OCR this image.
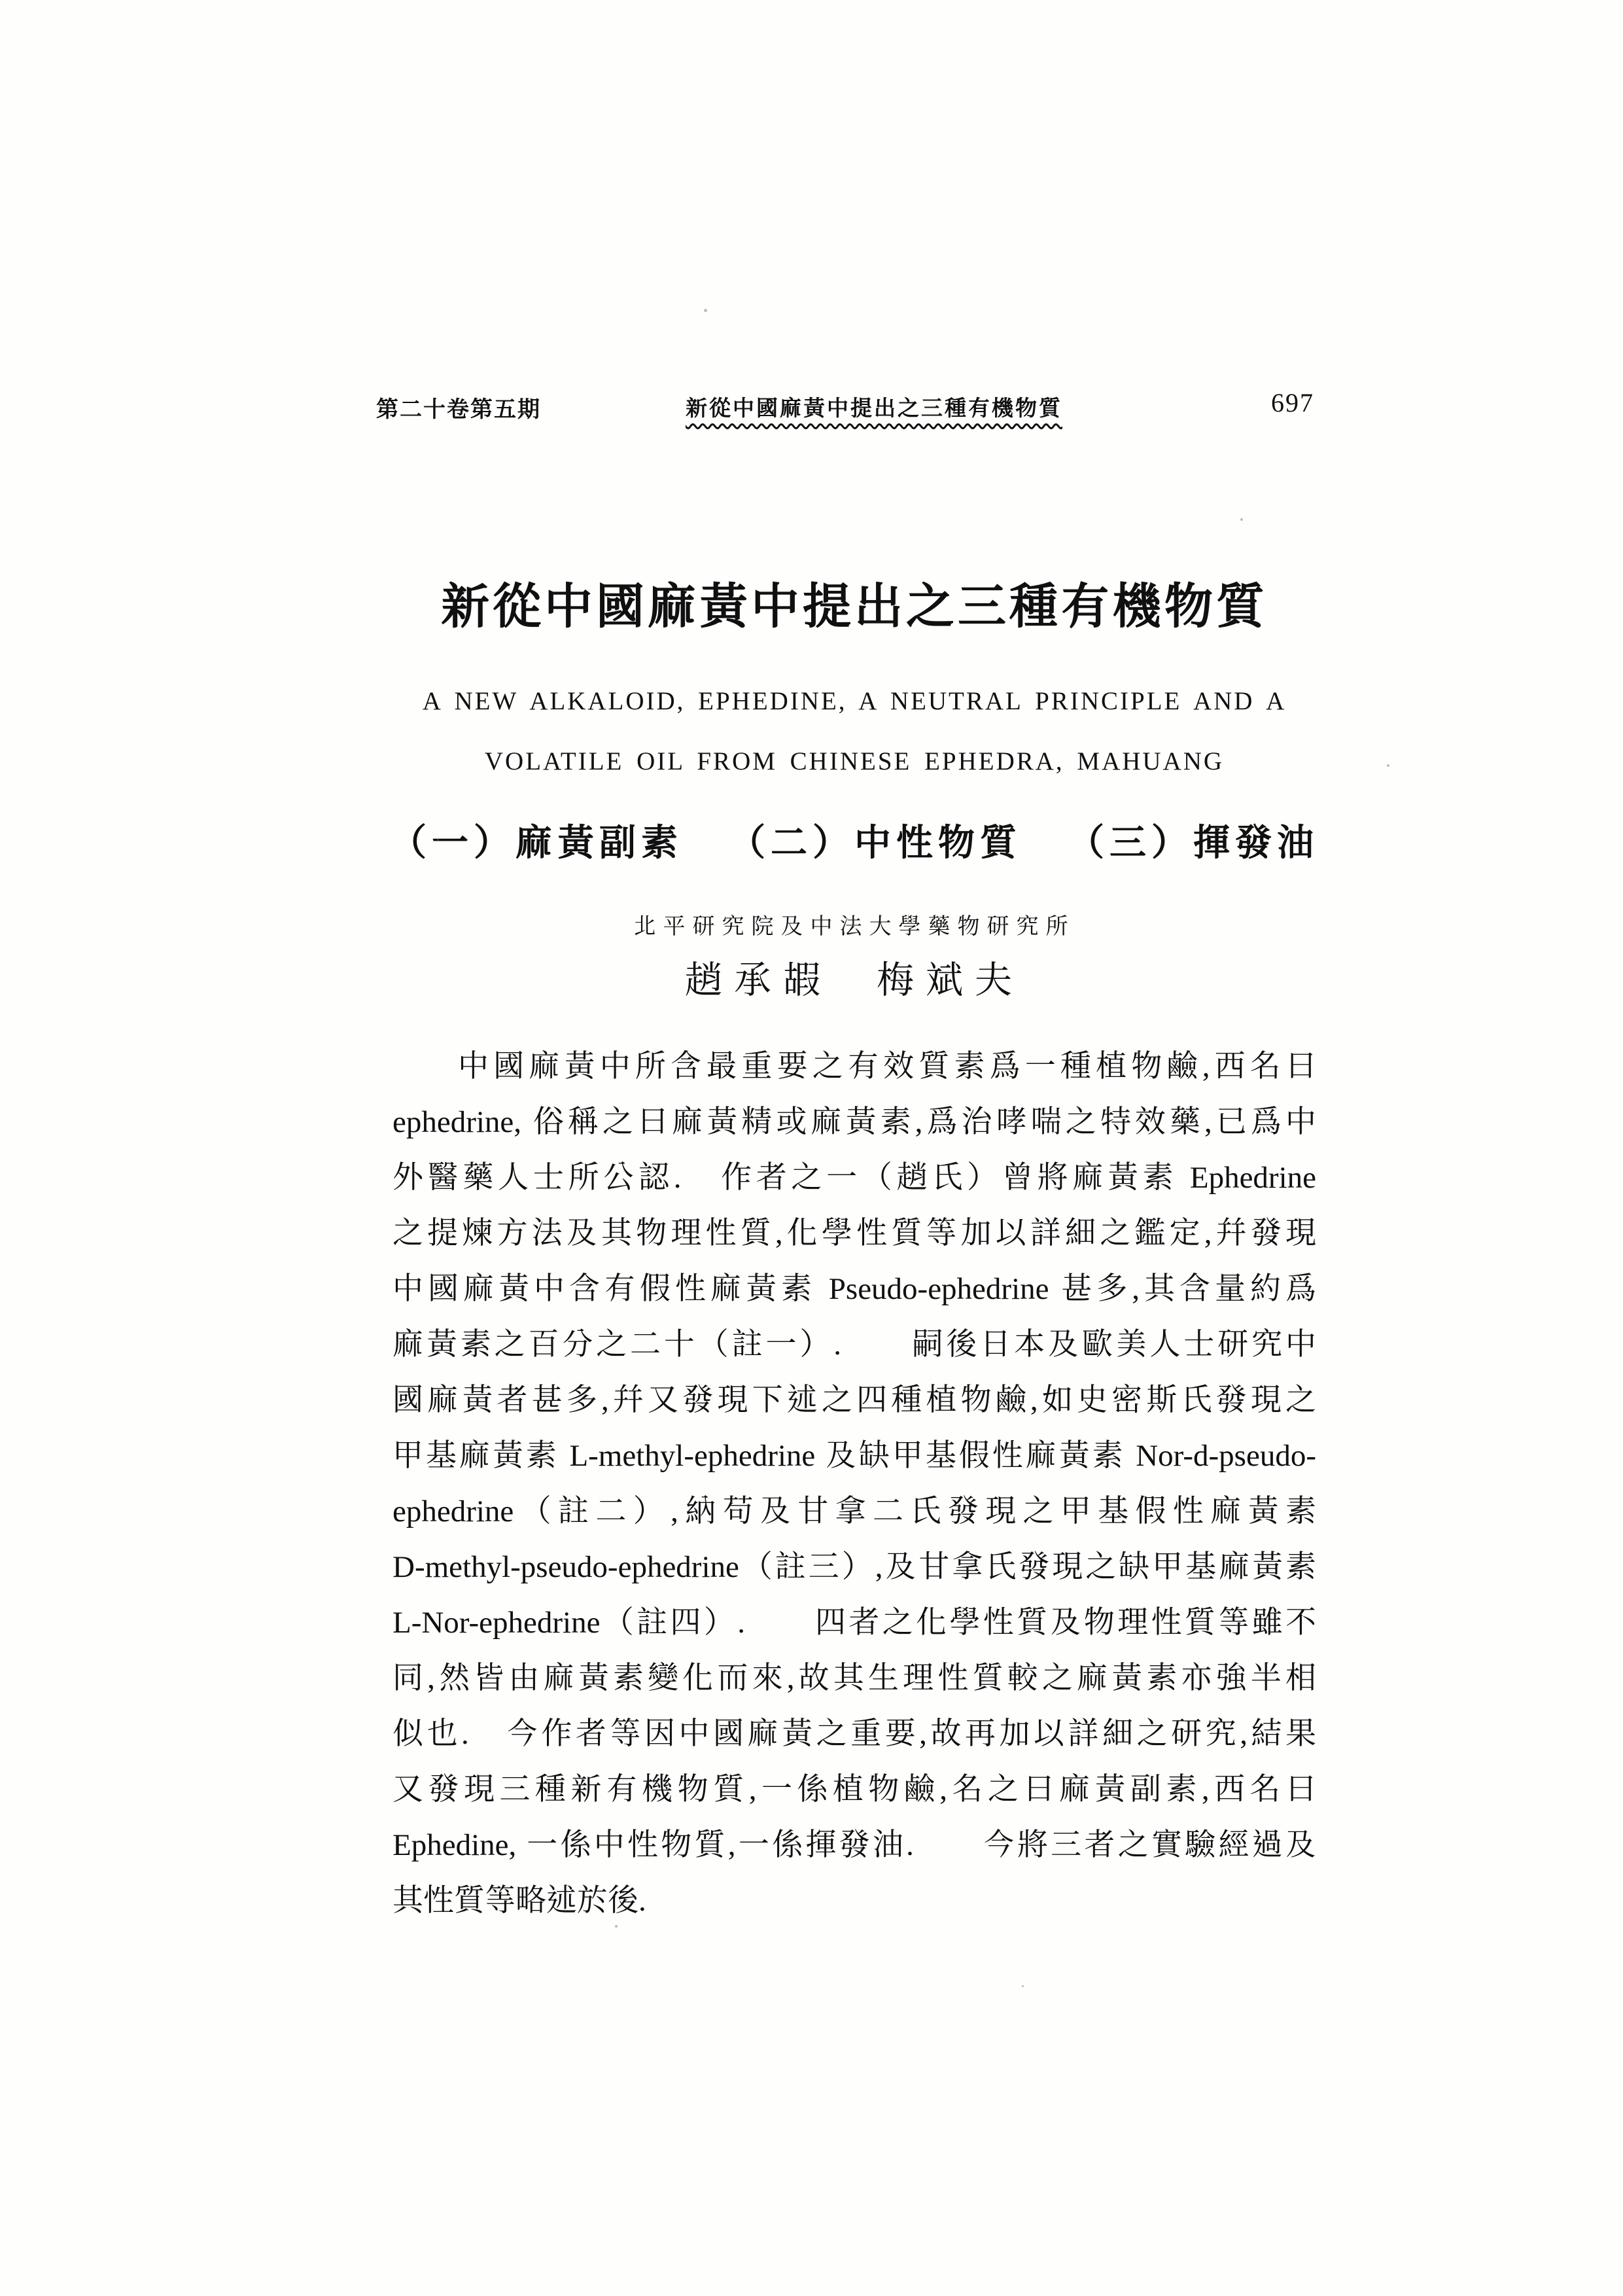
第二十卷第五期	新從中國麻黃中提出之三種有機物質	697
新從中國麻黃中提出之三種有機物質
A NEW ALKALOID, EPHEDINE, A NEUTRAL PRINCIPLE AND A
VOLATILE OIL FROM CHINESE EPHEDRA, MAHUANG
（一）麻黃副素 （二）中性物質 （三）揮發油
北平研究院及中法大學藥物研究所
趙承嘏 梅斌夫
中國麻黃中所含最重要之有效質素爲一種植物鹼,西名曰
ephedrine, 俗稱之曰麻黃精或麻黃素,爲治哮喘之特效藥,已爲中
外醫藥人士所公認.　作者之一（趙氏）曾將麻黃素 Ephedrine
之提煉方法及其物理性質,化學性質等加以詳細之鑑定,幷發現
中國麻黃中含有假性麻黃素 Pseudo-ephedrine 甚多,其含量約爲
麻黃素之百分之二十（註一）.　　嗣後日本及歐美人士研究中
國麻黃者甚多,幷又發現下述之四種植物鹼,如史密斯氏發現之
甲基麻黃素 L-methyl-ephedrine 及缺甲基假性麻黃素 Nor-d-pseudo-
ephedrine（註二）,納苟及甘拿二氏發現之甲基假性麻黃素
D-methyl-pseudo-ephedrine（註三）,及甘拿氏發現之缺甲基麻黃素
L-Nor-ephedrine（註四）.　　四者之化學性質及物理性質等雖不
同,然皆由麻黃素變化而來,故其生理性質較之麻黃素亦強半相
似也.　今作者等因中國麻黃之重要,故再加以詳細之研究,結果
又發現三種新有機物質,一係植物鹼,名之曰麻黃副素,西名曰
Ephedine, 一係中性物質,一係揮發油.　　今將三者之實驗經過及
其性質等略述於後.
